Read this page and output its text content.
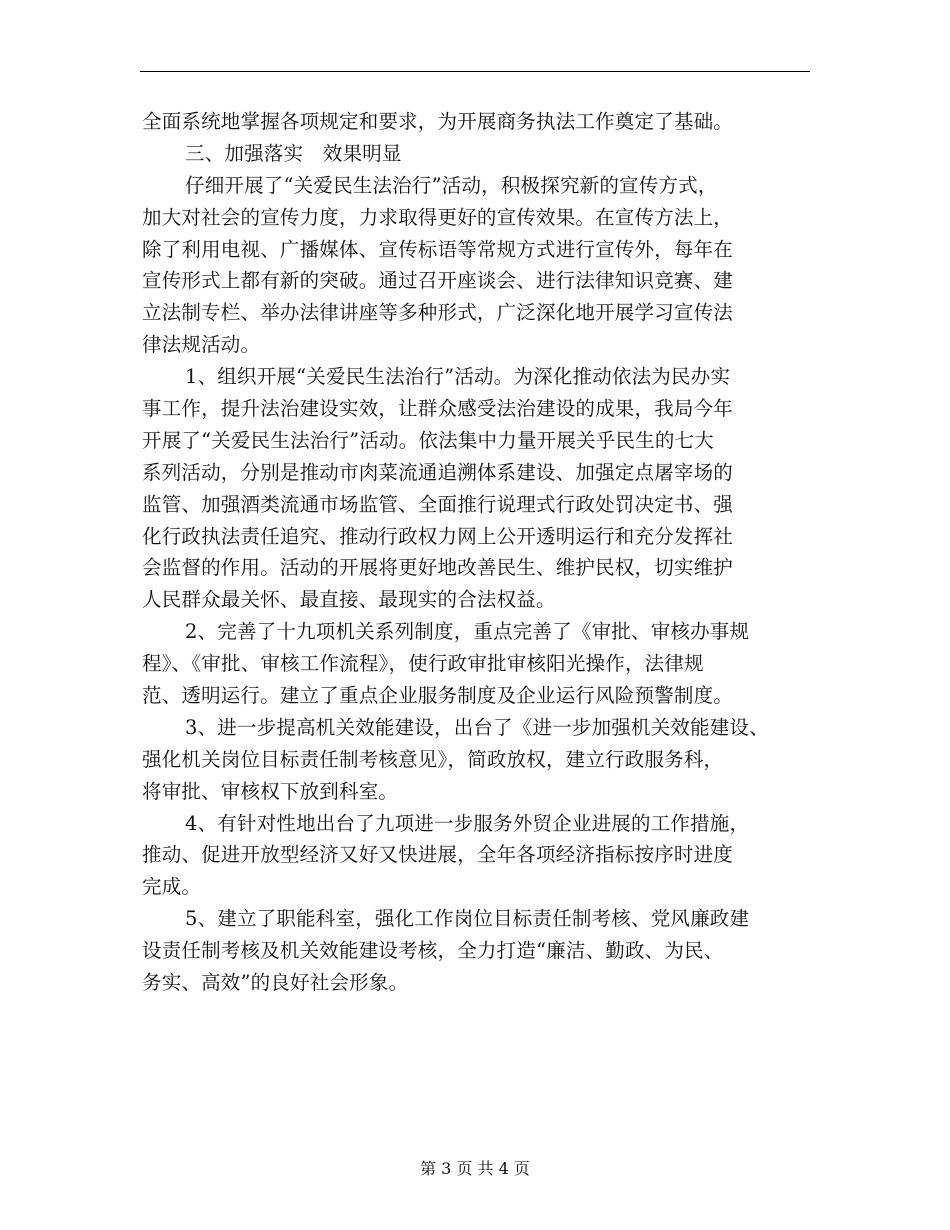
全面系统地掌握各项规定和要求，为开展商务执法工作奠定了基础。
三、加强落实　效果明显
仔细开展了“关爱民生法治行”活动，积极探究新的宣传方式，
加大对社会的宣传力度，力求取得更好的宣传效果。在宣传方法上，
除了利用电视、广播媒体、宣传标语等常规方式进行宣传外，每年在
宣传形式上都有新的突破。通过召开座谈会、进行法律知识竞赛、建
立法制专栏、举办法律讲座等多种形式，广泛深化地开展学习宣传法
律法规活动。
1、组织开展“关爱民生法治行”活动。为深化推动依法为民办实
事工作，提升法治建设实效，让群众感受法治建设的成果，我局今年
开展了“关爱民生法治行”活动。依法集中力量开展关乎民生的七大
系列活动，分别是推动市肉菜流通追溯体系建设、加强定点屠宰场的
监管、加强酒类流通市场监管、全面推行说理式行政处罚决定书、强
化行政执法责任追究、推动行政权力网上公开透明运行和充分发挥社
会监督的作用。活动的开展将更好地改善民生、维护民权，切实维护
人民群众最关怀、最直接、最现实的合法权益。
2、完善了十九项机关系列制度，重点完善了《审批、审核办事规
程》、《审批、审核工作流程》，使行政审批审核阳光操作，法律规
范、透明运行。建立了重点企业服务制度及企业运行风险预警制度。
3、进一步提高机关效能建设，出台了《进一步加强机关效能建设、
强化机关岗位目标责任制考核意见》，简政放权，建立行政服务科，
将审批、审核权下放到科室。
4、有针对性地出台了九项进一步服务外贸企业进展的工作措施，
推动、促进开放型经济又好又快进展，全年各项经济指标按序时进度
完成。
5、建立了职能科室，强化工作岗位目标责任制考核、党风廉政建
设责任制考核及机关效能建设考核，全力打造“廉洁、勤政、为民、
务实、高效”的良好社会形象。
第 3 页 共 4 页
